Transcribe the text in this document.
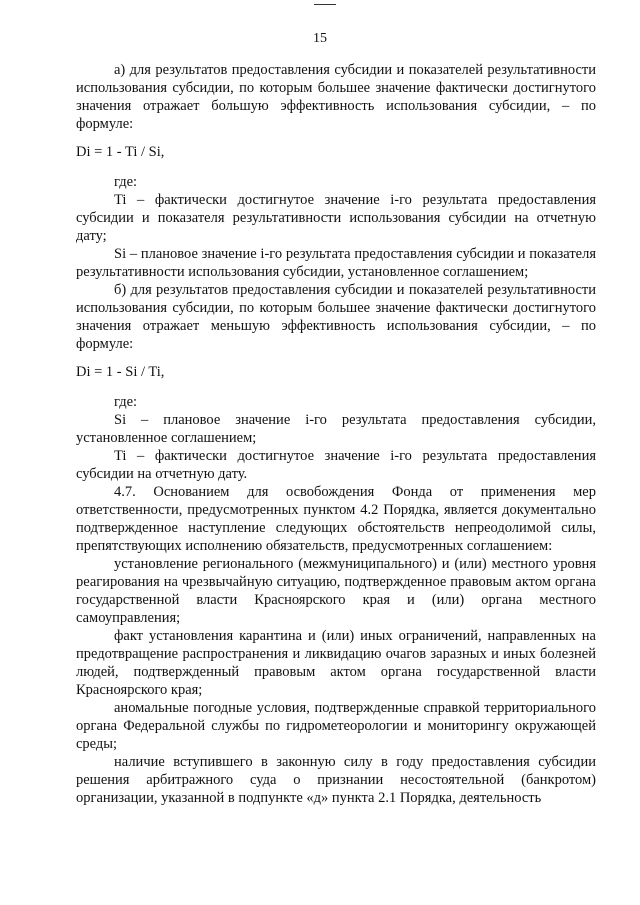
15

а) для результатов предоставления субсидии и показателей результативности использования субсидии, по которым большее значение фактически достигнутого значения отражает большую эффективность использования субсидии, – по формуле:

Di = 1 - Ti / Si,

где:

Ti – фактически достигнутое значение i-го результата предоставления субсидии и показателя результативности использования субсидии на отчетную дату;

Si – плановое значение i-го результата предоставления субсидии и показателя результативности использования субсидии, установленное соглашением;

б) для результатов предоставления субсидии и показателей результативности использования субсидии, по которым большее значение фактически достигнутого значения отражает меньшую эффективность использования субсидии, – по формуле:

Di = 1 - Si / Ti,

где:

Si – плановое значение i-го результата предоставления субсидии, установленное соглашением;

Ti – фактически достигнутое значение i-го результата предоставления субсидии на отчетную дату.

4.7. Основанием для освобождения Фонда от применения мер ответственности, предусмотренных пунктом 4.2 Порядка, является документально подтвержденное наступление следующих обстоятельств непреодолимой силы, препятствующих исполнению обязательств, предусмотренных соглашением:

установление регионального (межмуниципального) и (или) местного уровня реагирования на чрезвычайную ситуацию, подтвержденное правовым актом органа государственной власти Красноярского края и (или) органа местного самоуправления;

факт установления карантина и (или) иных ограничений, направленных на предотвращение распространения и ликвидацию очагов заразных и иных болезней людей, подтвержденный правовым актом органа государственной власти Красноярского края;

аномальные погодные условия, подтвержденные справкой территориального органа Федеральной службы по гидрометеорологии и мониторингу окружающей среды;

наличие вступившего в законную силу в году предоставления субсидии решения арбитражного суда о признании несостоятельной (банкротом) организации, указанной в подпункте «д» пункта 2.1 Порядка, деятельность
